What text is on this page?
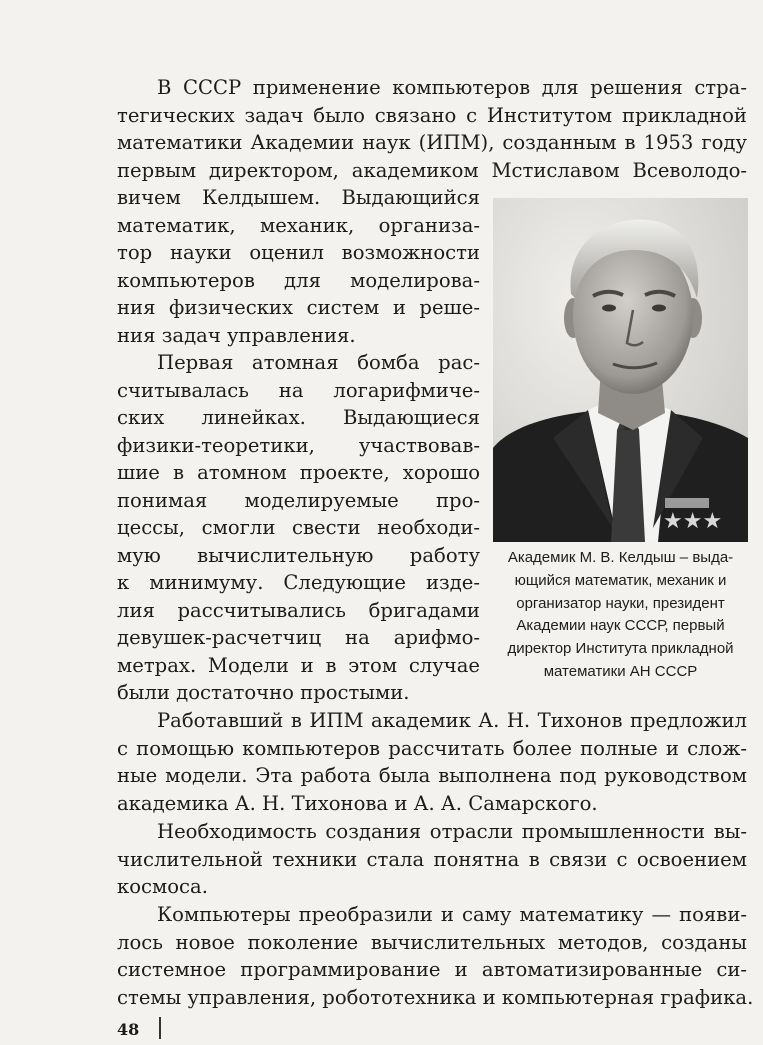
В СССР применение компьютеров для решения стра-
тегических задач было связано с Институтом прикладной
математики Академии наук (ИПМ), созданным в 1953 году
первым директором, академиком Мстиславом Всеволодо-
вичем Келдышем. Выдающийся
математик, механик, организа-
тор науки оценил возможности
компьютеров для моделирова-
ния физических систем и реше-
ния задач управления.
Первая атомная бомба рас-
считывалась на логарифмиче-
ских линейках. Выдающиеся
физики-теоретики, участвовав-
шие в атомном проекте, хорошо
понимая моделируемые про-
цессы, смогли свести необходи-
мую вычислительную работу
к минимуму. Следующие изде-
лия рассчитывались бригадами
девушек-расчетчиц на арифмо-
метрах. Модели и в этом случае
были достаточно простыми.
Работавший в ИПМ академик А. Н. Тихонов предложил
с помощью компьютеров рассчитать более полные и слож-
ные модели. Эта работа была выполнена под руководством
академика А. Н. Тихонова и А. А. Самарского.
Необходимость создания отрасли промышленности вы-
числительной техники стала понятна в связи с освоением
космоса.
Компьютеры преобразили и саму математику — появи-
лось новое поколение вычислительных методов, созданы
системное программирование и автоматизированные си-
стемы управления, робототехника и компьютерная графика.
★★★
Академик М. В. Келдыш – выда-
ющийся математик, механик и
организатор науки, президент
Академии наук СССР, первый
директор Института прикладной
математики АН СССР
48
